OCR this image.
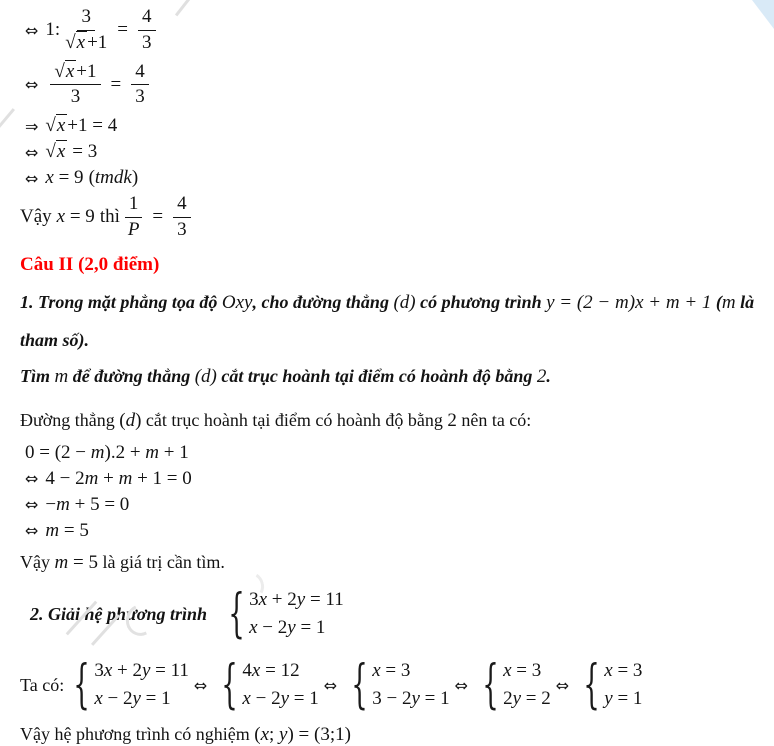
⇔ 1: 3
√ $x +1 = \frac{4}{3}$
⇔ √ $\frac{x +1}{3} = \frac{4}{3}$
⇒ √ x +1 = 4
⇔ √ x = 3
⇔ x = 9 (tmdk)
Vậy x = 9 thì $\frac{1}{P} = \frac{4}{3}$
Câu II (2,0 điểm)
1. Trong mặt phẳng tọa độ Oxy, cho đường thẳng (d) có phương trình y = (2 − m)x + m + 1 (m là tham số).
Tìm m để đường thẳng (d) cắt trục hoành tại điểm có hoành độ bằng 2.
Đường thẳng (d) cắt trục hoành tại điểm có hoành độ bằng 2 nên ta có:
0 = (2 − m).2 + m + 1
⇔ 4 − 2m + m + 1 = 0
⇔ −m + 5 = 0
⇔ m = 5
Vậy m = 5 là giá trị cần tìm.
2. Giải hệ phương trình { 3x + 2y = 11
x − 2y = 1
Ta có: { 3x + 2y = 11
x − 2y = 1
⇔ { 4x = 12
x − 2y = 1
⇔ { x = 3
3 − 2y = 1
⇔ { x = 3
2y = 2
⇔ { x = 3
y = 1
Vậy hệ phương trình có nghiệm (x; y) = (3;1)
